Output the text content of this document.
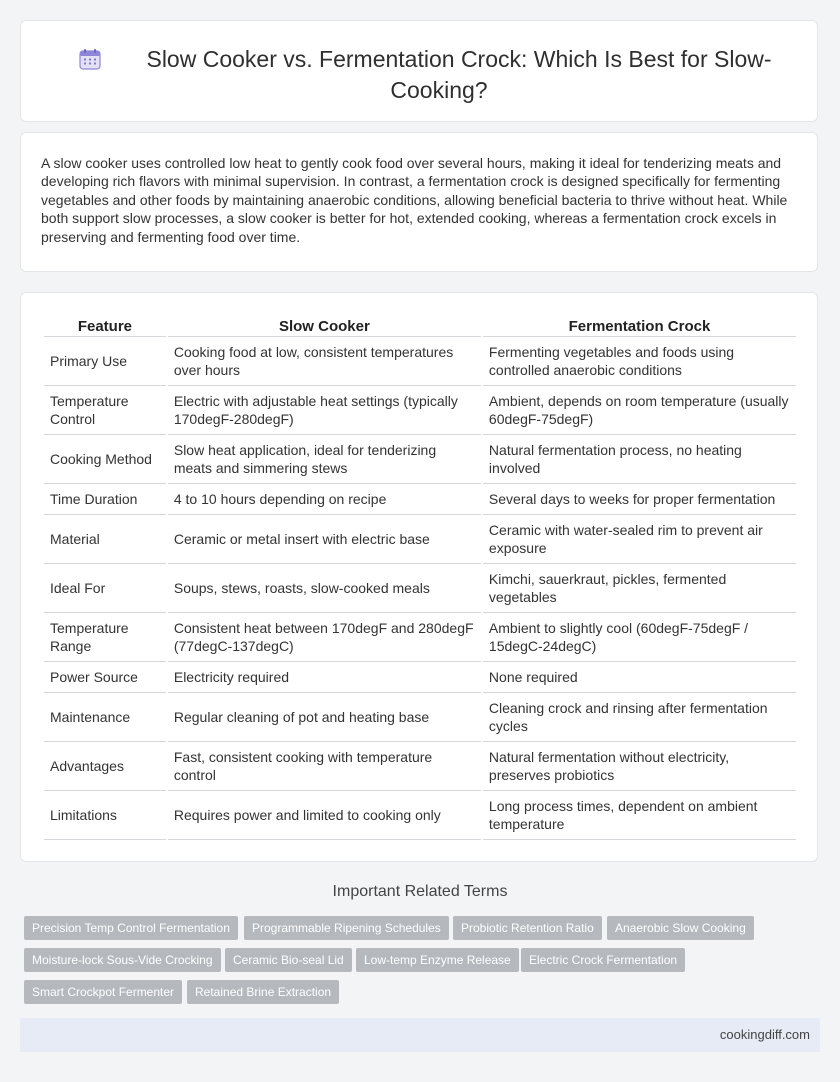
Slow Cooker vs. Fermentation Crock: Which Is Best for Slow-Cooking?

A slow cooker uses controlled low heat to gently cook food over several hours, making it ideal for tenderizing meats and developing rich flavors with minimal supervision. In contrast, a fermentation crock is designed specifically for fermenting vegetables and other foods by maintaining anaerobic conditions, allowing beneficial bacteria to thrive without heat. While both support slow processes, a slow cooker is better for hot, extended cooking, whereas a fermentation crock excels in preserving and fermenting food over time.

Feature	Slow Cooker	Fermentation Crock
Primary Use	Cooking food at low, consistent temperatures over hours	Fermenting vegetables and foods using controlled anaerobic conditions
Temperature Control	Electric with adjustable heat settings (typically 170degF-280degF)	Ambient, depends on room temperature (usually 60degF-75degF)
Cooking Method	Slow heat application, ideal for tenderizing meats and simmering stews	Natural fermentation process, no heating involved
Time Duration	4 to 10 hours depending on recipe	Several days to weeks for proper fermentation
Material	Ceramic or metal insert with electric base	Ceramic with water-sealed rim to prevent air exposure
Ideal For	Soups, stews, roasts, slow-cooked meals	Kimchi, sauerkraut, pickles, fermented vegetables
Temperature Range	Consistent heat between 170degF and 280degF (77degC-137degC)	Ambient to slightly cool (60degF-75degF / 15degC-24degC)
Power Source	Electricity required	None required
Maintenance	Regular cleaning of pot and heating base	Cleaning crock and rinsing after fermentation cycles
Advantages	Fast, consistent cooking with temperature control	Natural fermentation without electricity, preserves probiotics
Limitations	Requires power and limited to cooking only	Long process times, dependent on ambient temperature
Important Related Terms
Precision Temp Control Fermentation	Programmable Ripening Schedules	Probiotic Retention Ratio	Anaerobic Slow Cooking
Moisture-lock Sous-Vide Crocking	Ceramic Bio-seal Lid	Low-temp Enzyme Release	Electric Crock Fermentation
Smart Crockpot Fermenter	Retained Brine Extraction
cookingdiff.com
